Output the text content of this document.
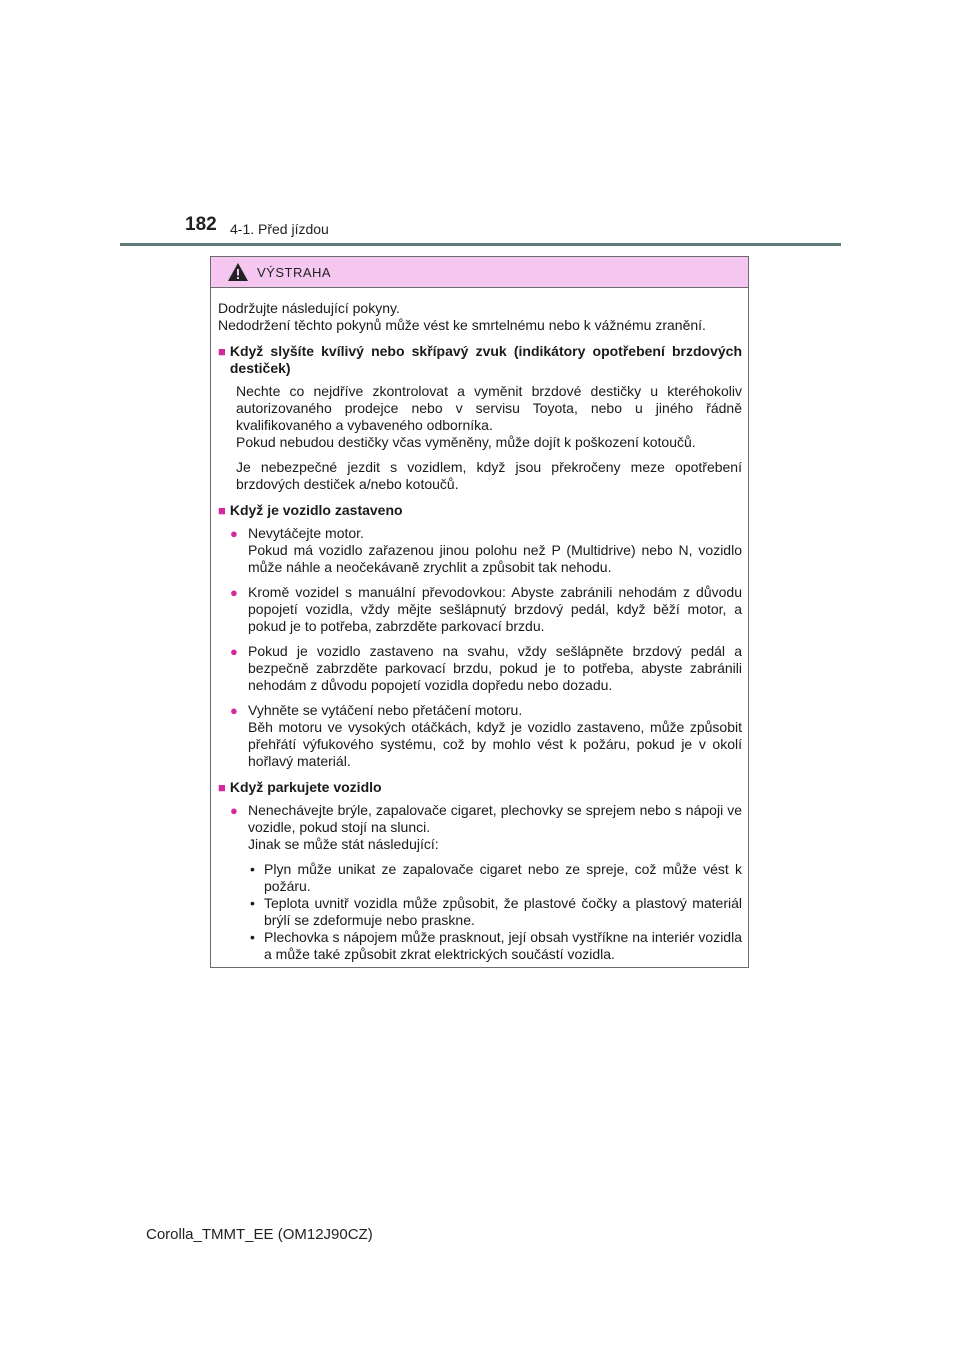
182 4-1. Před jízdou
VÝSTRAHA

Dodržujte následující pokyny.

Nedodržení těchto pokynů může vést ke smrtelnému nebo k vážnému zranění.

■ Když slyšíte kvílivý nebo skřípavý zvuk (indikátory opotřebení brzdových destiček)

Nechte co nejdříve zkontrolovat a vyměnit brzdové destičky u kteréhokoliv autorizovaného prodejce nebo v servisu Toyota, nebo u jiného řádně kvalifikovaného a vybaveného odborníka.

Pokud nebudou destičky včas vyměněny, může dojít k poškození kotoučů.

Je nebezpečné jezdit s vozidlem, když jsou překročeny meze opotřebení brzdových destiček a/nebo kotoučů.

■ Když je vozidlo zastaveno
● Nevytáčejte motor.

Pokud má vozidlo zařazenou jinou polohu než P (Multidrive) nebo N, vozidlo může náhle a neočekávaně zrychlit a způsobit tak nehodu.

● Kromě vozidel s manuální převodovkou: Abyste zabránili nehodám z důvodu popojetí vozidla, vždy mějte sešlápnutý brzdový pedál, když běží motor, a pokud je to potřeba, zabrzděte parkovací brzdu.

● Pokud je vozidlo zastaveno na svahu, vždy sešlápněte brzdový pedál a bezpečně zabrzděte parkovací brzdu, pokud je to potřeba, abyste zabránili nehodám z důvodu popojetí vozidla dopředu nebo dozadu.

● Vyhněte se vytáčení nebo přetáčení motoru.

Běh motoru ve vysokých otáčkách, když je vozidlo zastaveno, může způsobit přehřátí výfukového systému, což by mohlo vést k požáru, pokud je v okolí hořlavý materiál.

■ Když parkujete vozidlo
● Nenechávejte brýle, zapalovače cigaret, plechovky se sprejem nebo s nápoji ve vozidle, pokud stojí na slunci.

Jinak se může stát následující:

• Plyn může unikat ze zapalovače cigaret nebo ze spreje, což může vést k požáru.
• Teplota uvnitř vozidla může způsobit, že plastové čočky a plastový materiál brýlí se zdeformuje nebo praskne.
• Plechovka s nápojem může prasknout, její obsah vystříkne na interiér vozidla a může také způsobit zkrat elektrických součástí vozidla.
Corolla_TMMT_EE (OM12J90CZ)
